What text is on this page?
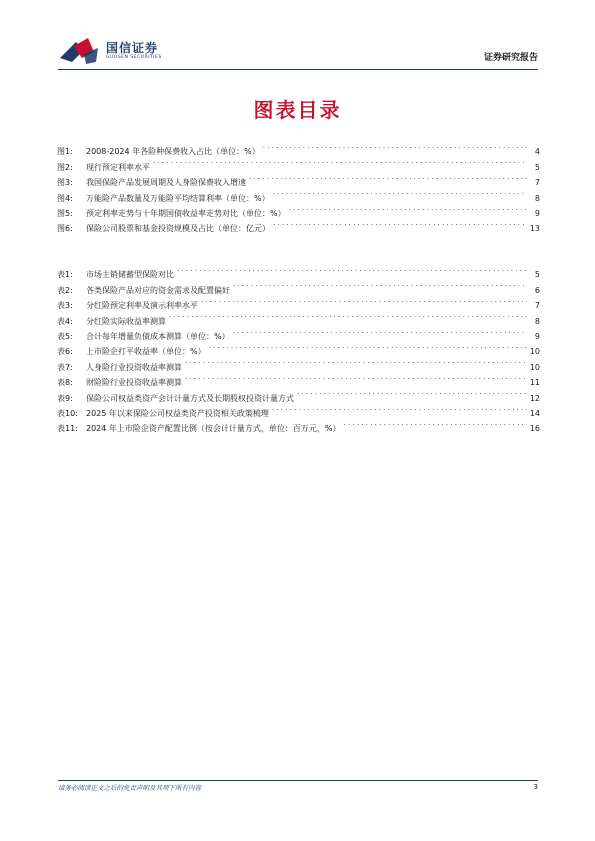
国信证券
GUOSEN SECURITIES	证券研究报告
图表目录
图1:	2008-2024 年各险种保费收入占比（单位：%） . . .	4
图2:	现行预定利率水平 . . .	5
图3:	我国保险产品发展周期及人身险保费收入增速 . . .	7
图4:	万能险产品数量及万能险平均结算利率（单位：%） . . .	8
图5:	预定利率走势与十年期国债收益率走势对比（单位：%） . . .	9
图6:	保险公司股票和基金投资规模及占比（单位：亿元） . . .	13
表1:	市场主销储蓄型保险对比 . . .	5
表2:	各类保险产品对应的资金需求及配置偏好 . . .	6
表3:	分红险预定利率及演示利率水平 . . .	7
表4:	分红险实际收益率测算 . . .	8
表5:	合计每年增量负债成本测算（单位：%） . . .	9
表6:	上市险企打平收益率（单位：%） . . .	10
表7:	人身险行业投资收益率测算 . . .	10
表8:	财险险行业投资收益率测算 . . .	11
表9:	保险公司权益类资产会计计量方式及长期股权投资计量方式 . . .	12
表10:	2025 年以来保险公司权益类资产投资相关政策梳理 . . .	14
表11:	2024 年上市险企资产配置比例（按会计计量方式，单位：百万元，%） . . .	16
请务必阅读正文之后的免责声明及其项下所有内容	3
